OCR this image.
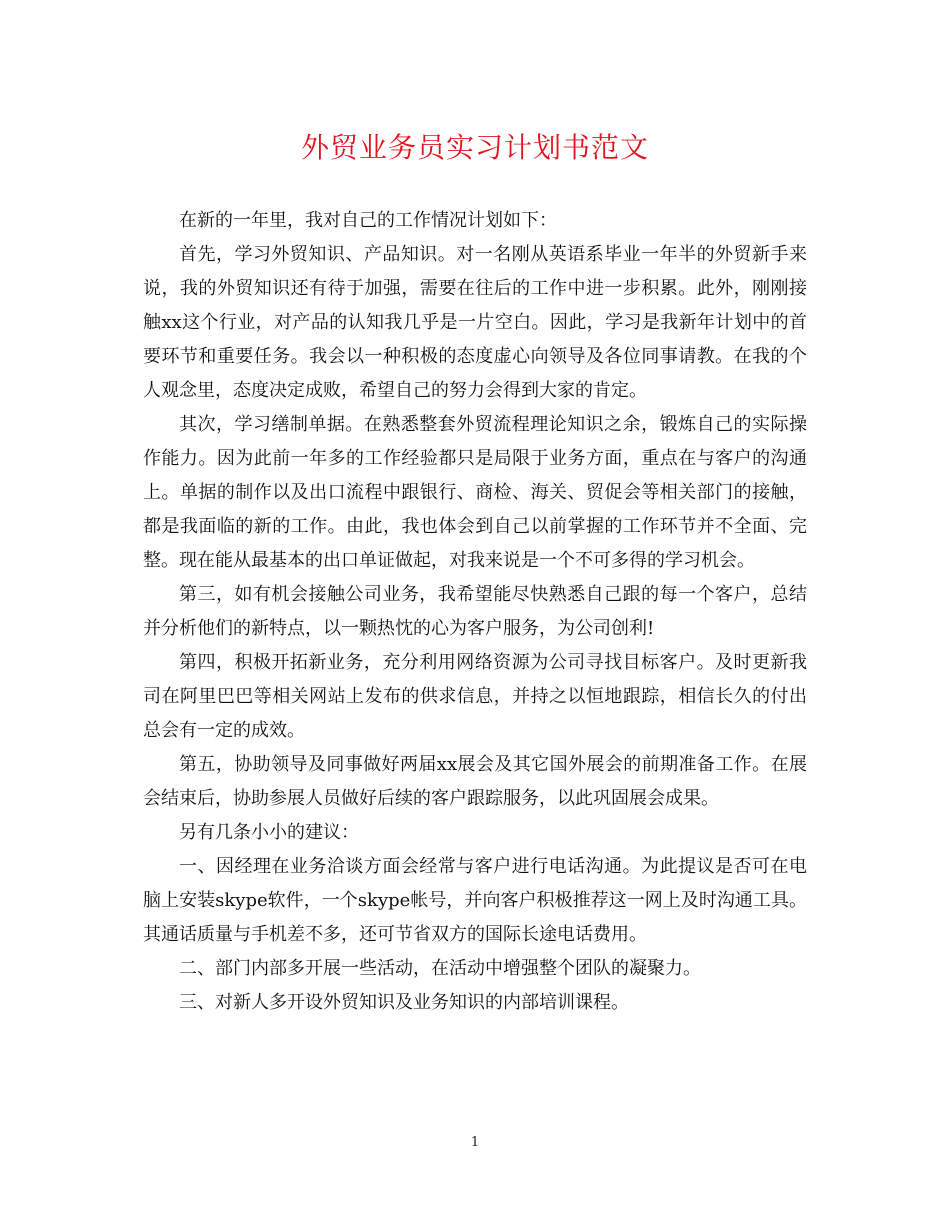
外贸业务员实习计划书范文

在新的一年里，我对自己的工作情况计划如下：

首先，学习外贸知识、产品知识。对一名刚从英语系毕业一年半的外贸新手来说，我的外贸知识还有待于加强，需要在往后的工作中进一步积累。此外，刚刚接触xx这个行业，对产品的认知我几乎是一片空白。因此，学习是我新年计划中的首要环节和重要任务。我会以一种积极的态度虚心向领导及各位同事请教。在我的个人观念里，态度决定成败，希望自己的努力会得到大家的肯定。

其次，学习缮制单据。在熟悉整套外贸流程理论知识之余，锻炼自己的实际操作能力。因为此前一年多的工作经验都只是局限于业务方面，重点在与客户的沟通上。单据的制作以及出口流程中跟银行、商检、海关、贸促会等相关部门的接触，都是我面临的新的工作。由此，我也体会到自己以前掌握的工作环节并不全面、完整。现在能从最基本的出口单证做起，对我来说是一个不可多得的学习机会。

第三，如有机会接触公司业务，我希望能尽快熟悉自己跟的每一个客户，总结并分析他们的新特点，以一颗热忱的心为客户服务，为公司创利!

第四，积极开拓新业务，充分利用网络资源为公司寻找目标客户。及时更新我司在阿里巴巴等相关网站上发布的供求信息，并持之以恒地跟踪，相信长久的付出总会有一定的成效。

第五，协助领导及同事做好两届xx展会及其它国外展会的前期准备工作。在展会结束后，协助参展人员做好后续的客户跟踪服务，以此巩固展会成果。

另有几条小小的建议：

一、因经理在业务洽谈方面会经常与客户进行电话沟通。为此提议是否可在电脑上安装skype软件，一个skype帐号，并向客户积极推荐这一网上及时沟通工具。其通话质量与手机差不多，还可节省双方的国际长途电话费用。

二、部门内部多开展一些活动，在活动中增强整个团队的凝聚力。

三、对新人多开设外贸知识及业务知识的内部培训课程。

1
